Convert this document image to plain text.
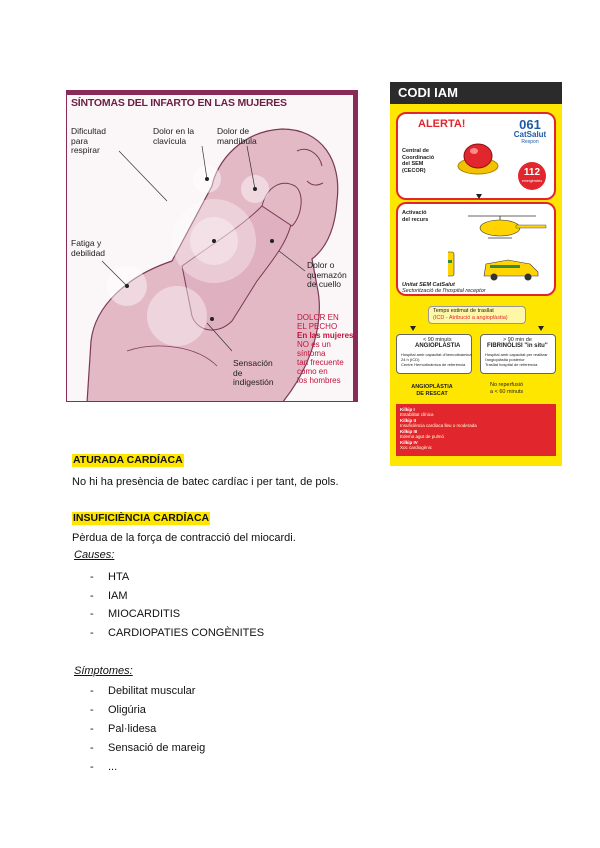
SÍNTOMAS DEL INFARTO EN LAS MUJERES
Dificultad
para
respirar
Dolor en la
clavícula
Dolor de
mandíbula
Fatiga y
debilidad
Dolor o
quemazón
de cuello
DOLOR EN
EL PECHO
En las mujeres
NO es un
síntoma
tan frecuente
como en
los hombres
Sensación
de
indigestión
CODI IAM
ALERTA!	061
CatSalut
Respon
Central de
Coordinació
del SEM
(CECOR)	112
emergències
Activació
del recurs
Unitat SEM CatSalut
Sectorització de l'hospital receptor
Temps estimat de trasllat
(ICD - Atribució a angioplàstia)
< 90 minuts
ANGIOPLÀSTIA
Hospital amb capacitat d'hemodinàmica
24 h (ICD)
Centre Hemodinàmica de referència
> 90 min de
FIBRINÒLISI "in situ"
Hospital amb capacitat per realitzar
l'angioplàstia posterior
Trasllat hospital de referència
ANGIOPLÀSTIA
DE RESCAT
No reperfusió
a < 60 minuts
Kilkip I
Estabilitat clínica
Kilkip II
Insuficiència cardíaca lleu o moderada
Kilkip III
Edema agut de pulmó
Kilkip IV
Xoc cardiogènic
ATURADA CARDÍACA
No hi ha presència de batec cardíac i per tant, de pols.
INSUFICIÈNCIA CARDÍACA
Pèrdua de la força de contracció del miocardi.
Causes:
- HTA
- IAM
- MIOCARDITIS
- CARDIOPATIES CONGÈNITES
Símptomes:
- Debilitat muscular
- Oligúria
- Pal·lidesa
- Sensació de mareig
- ...
